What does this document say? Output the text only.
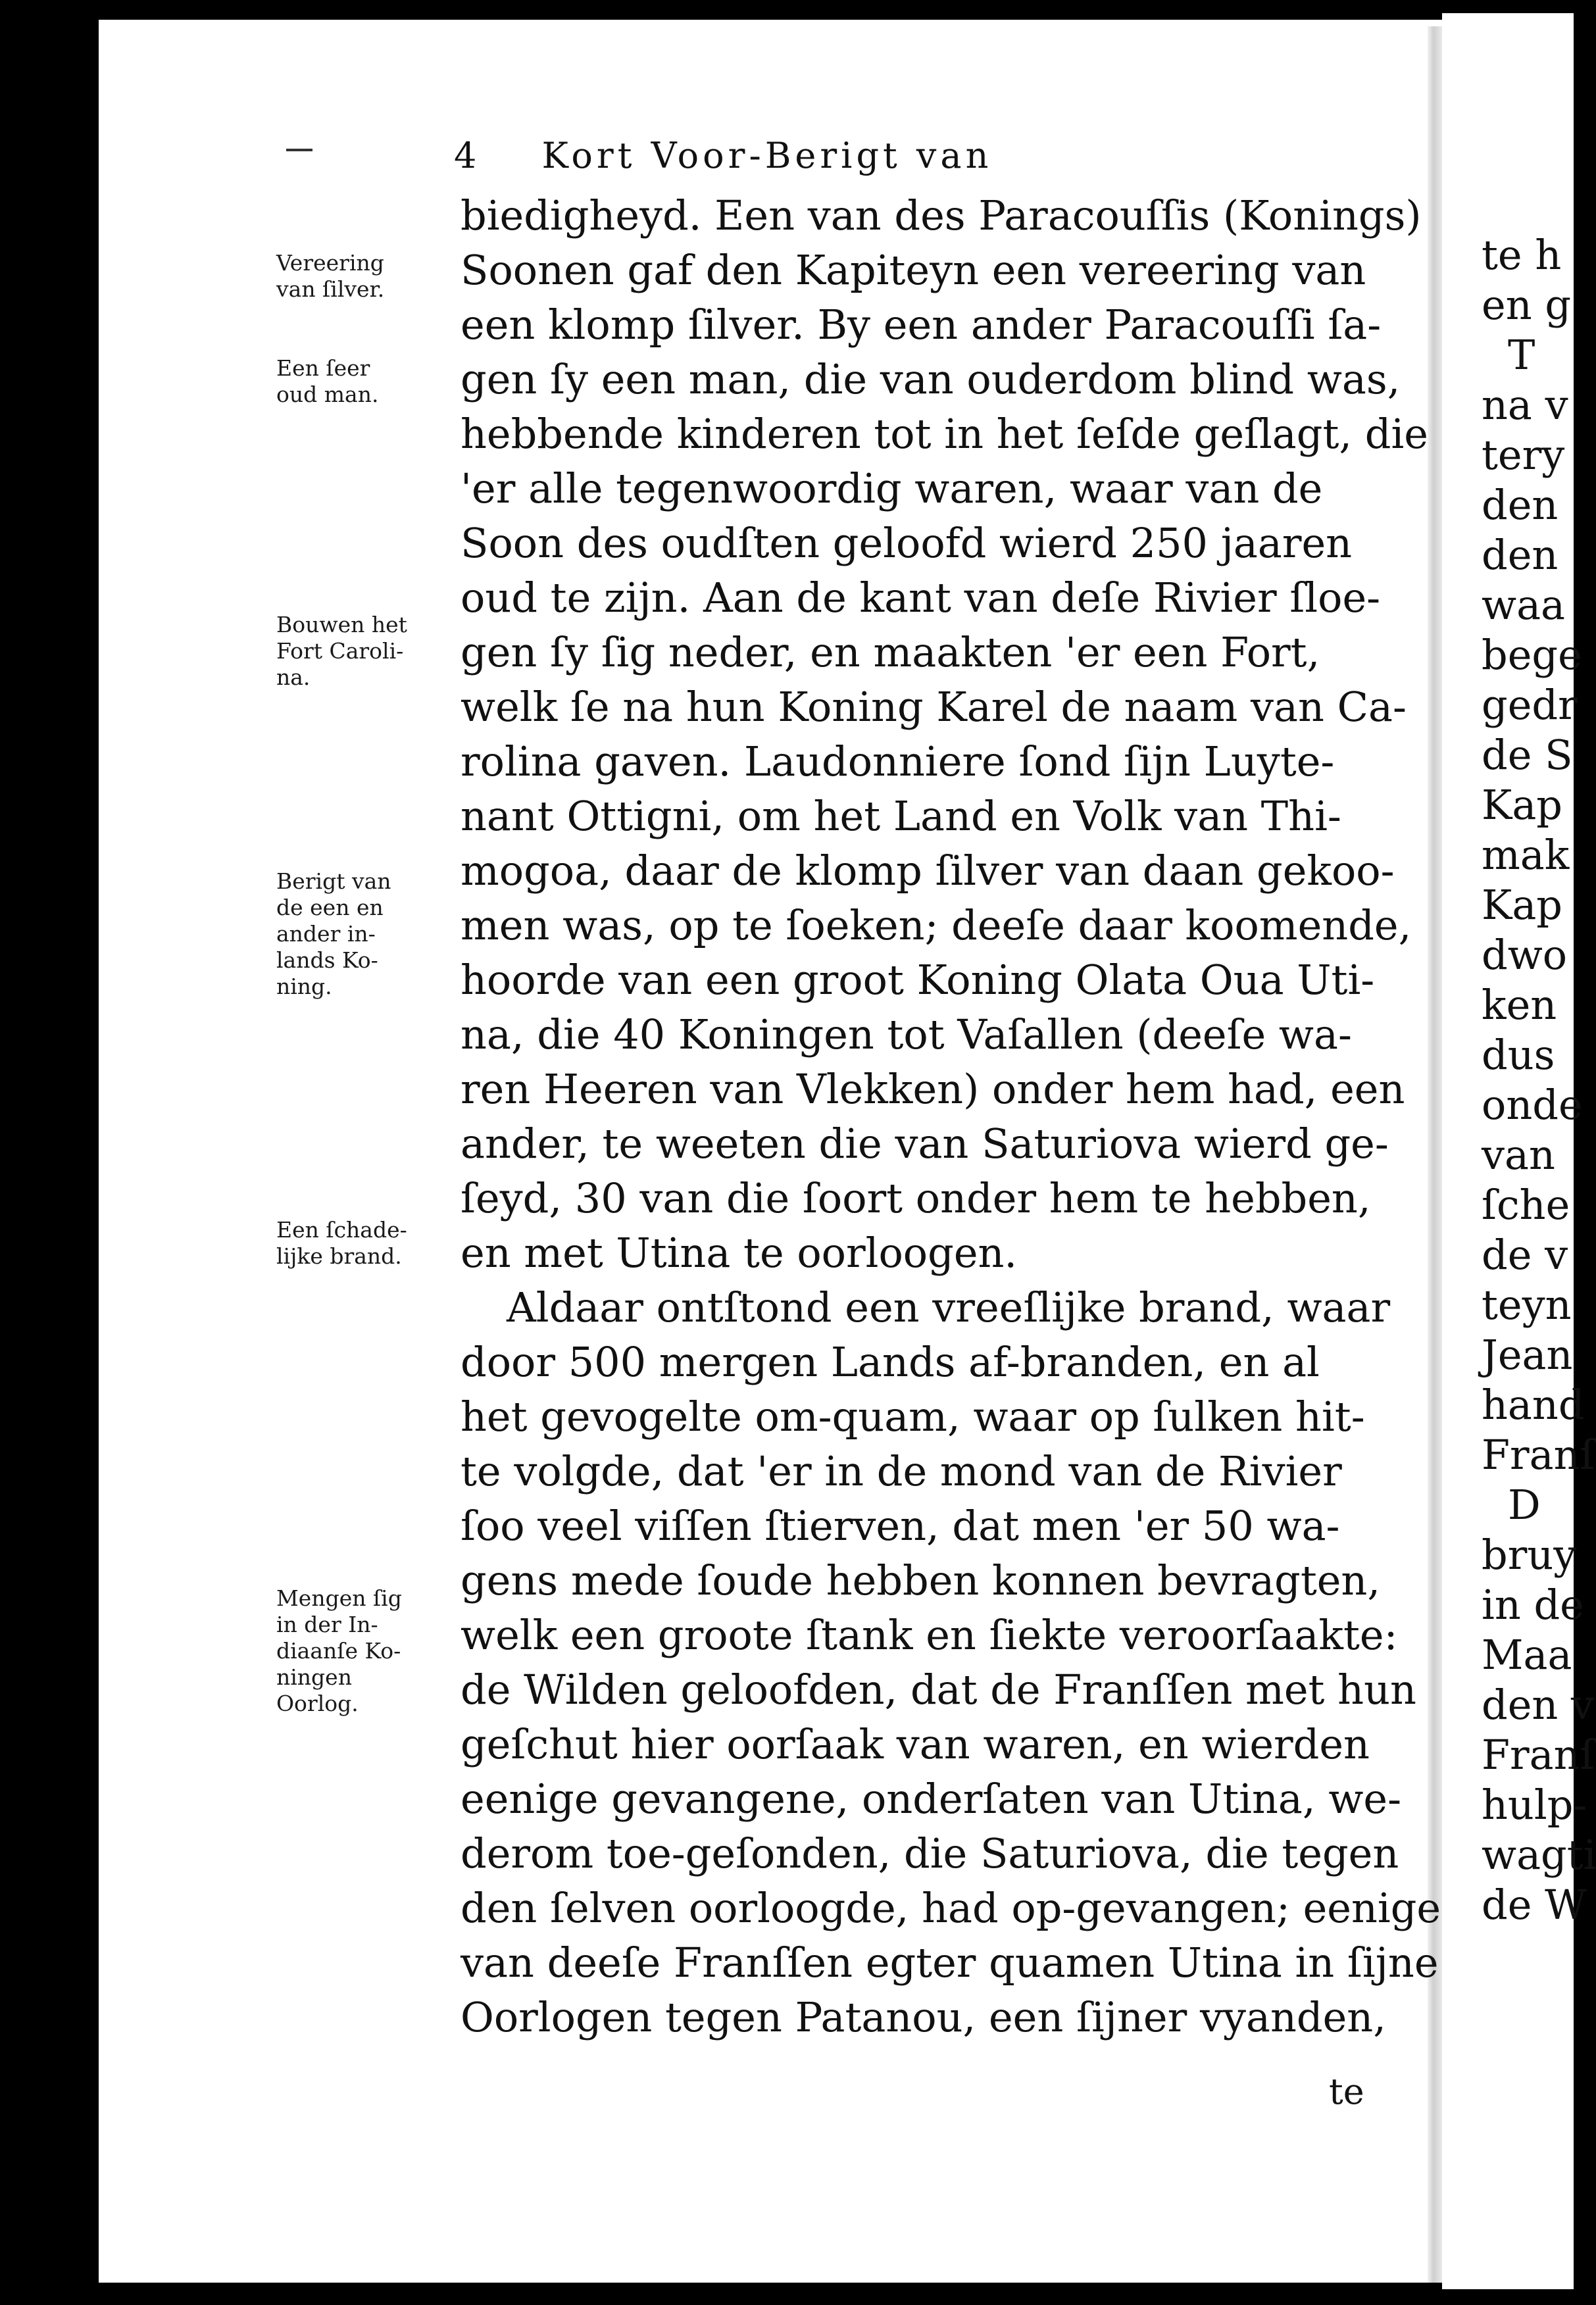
te h
en g
T
na v
tery
den
den
waa
bege
gedr
de S
Kap
mak
Kap
dwo
ken
dus
onde
van
ſche
de v
teyn
Jean
hand
Franſ
D
bruy
in de
Maa
den v
Franſ
hulp-
wagti
de W
4 Kort Voor-Berigt van
biedigheyd. Een van des Paracouſſis (Konings)
Soonen gaf den Kapiteyn een vereering van
een klomp ſilver. By een ander Paracouſſi ſa-
gen ſy een man, die van ouderdom blind was,
hebbende kinderen tot in het ſeſde geſlagt, die
'er alle tegenwoordig waren, waar van de
Soon des oudſten geloofd wierd 250 jaaren
oud te zijn. Aan de kant van deſe Rivier ſloe-
gen ſy ſig neder, en maakten 'er een Fort,
welk ſe na hun Koning Karel de naam van Ca-
rolina gaven. Laudonniere ſond ſijn Luyte-
nant Ottigni, om het Land en Volk van Thi-
mogoa, daar de klomp ſilver van daan gekoo-
men was, op te ſoeken; deeſe daar koomende,
hoorde van een groot Koning Olata Oua Uti-
na, die 40 Koningen tot Vaſallen (deeſe wa-
ren Heeren van Vlekken) onder hem had, een
ander, te weeten die van Saturiova wierd ge-
ſeyd, 30 van die ſoort onder hem te hebben,
en met Utina te oorloogen.
Aldaar ontſtond een vreeſlijke brand, waar
door 500 mergen Lands af-branden, en al
het gevogelte om-quam, waar op ſulken hit-
te volgde, dat 'er in de mond van de Rivier
ſoo veel viſſen ſtierven, dat men 'er 50 wa-
gens mede ſoude hebben konnen bevragten,
welk een groote ſtank en ſiekte veroorſaakte:
de Wilden geloofden, dat de Franſſen met hun
geſchut hier oorſaak van waren, en wierden
eenige gevangene, onderſaten van Utina, we-
derom toe-geſonden, die Saturiova, die tegen
den ſelven oorloogde, had op-gevangen; eenige
van deeſe Franſſen egter quamen Utina in ſijne
Oorlogen tegen Patanou, een ſijner vyanden,
te
Vereering
van ſilver.
Een ſeer
oud man.
Bouwen het
Fort Caroli-
na.
Berigt van
de een en
ander in-
lands Ko-
ning.
Een ſchade-
lijke brand.
Mengen ſig
in der In-
diaanſe Ko-
ningen
Oorlog.
